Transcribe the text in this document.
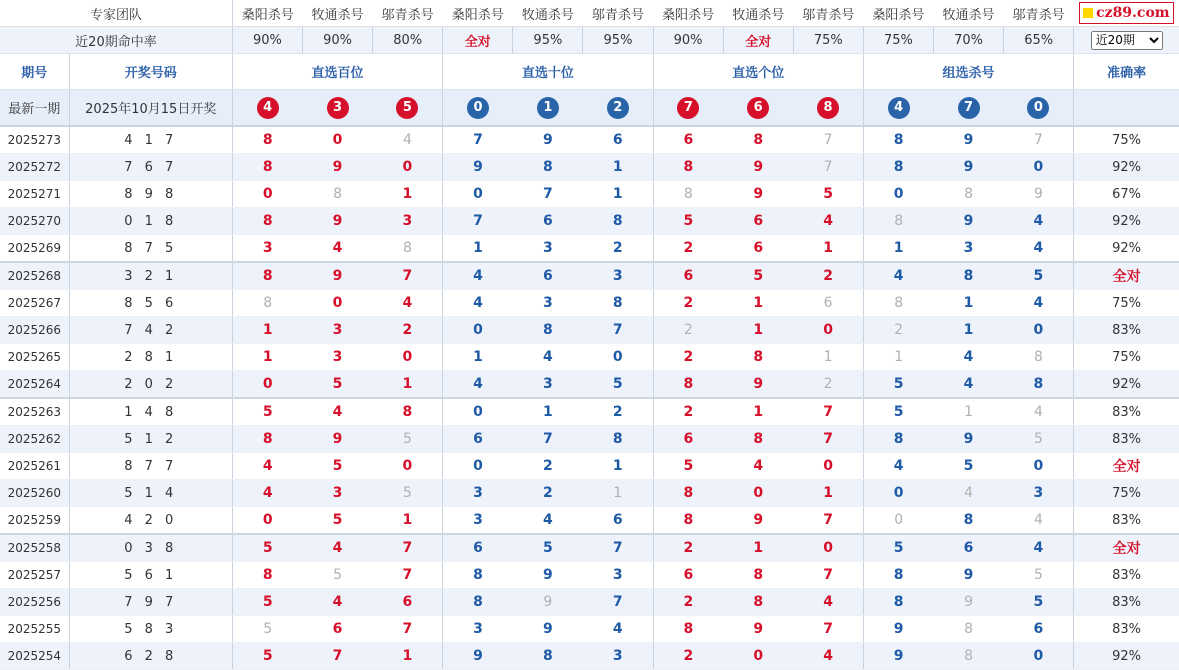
专家团队		桑阳杀号	牧通杀号	邬青杀号	桑阳杀号	牧通杀号	邬青杀号	桑阳杀号	牧通杀号	邬青杀号	桑阳杀号	牧通杀号	邬青杀号	cz89.com

近20期命中率		90%	90%	80%	全对	95%	95%	90%	全对	75%	75%	70%	65%	
近20期
期号	开奖号码	直选百位			直选十位			直选个位			组选杀号			准确率
最新一期	2025年10月15日开奖	4	3	5	0	1	2	7	6	8	4	7	0	
2025273	4 1 7	8	0	4	7	9	6	6	8	7	8	9	7	75%
2025272	7 6 7	8	9	0	9	8	1	8	9	7	8	9	0	92%
2025271	8 9 8	0	8	1	0	7	1	8	9	5	0	8	9	67%
2025270	0 1 8	8	9	3	7	6	8	5	6	4	8	9	4	92%
2025269	8 7 5	3	4	8	1	3	2	2	6	1	1	3	4	92%
2025268	3 2 1	8	9	7	4	6	3	6	5	2	4	8	5	全对
2025267	8 5 6	8	0	4	4	3	8	2	1	6	8	1	4	75%
2025266	7 4 2	1	3	2	0	8	7	2	1	0	2	1	0	83%
2025265	2 8 1	1	3	0	1	4	0	2	8	1	1	4	8	75%
2025264	2 0 2	0	5	1	4	3	5	8	9	2	5	4	8	92%
2025263	1 4 8	5	4	8	0	1	2	2	1	7	5	1	4	83%
2025262	5 1 2	8	9	5	6	7	8	6	8	7	8	9	5	83%
2025261	8 7 7	4	5	0	0	2	1	5	4	0	4	5	0	全对
2025260	5 1 4	4	3	5	3	2	1	8	0	1	0	4	3	75%
2025259	4 2 0	0	5	1	3	4	6	8	9	7	0	8	4	83%
2025258	0 3 8	5	4	7	6	5	7	2	1	0	5	6	4	全对
2025257	5 6 1	8	5	7	8	9	3	6	8	7	8	9	5	83%
2025256	7 9 7	5	4	6	8	9	7	2	8	4	8	9	5	83%
2025255	5 8 3	5	6	7	3	9	4	8	9	7	9	8	6	83%
2025254	6 2 8	5	7	1	9	8	3	2	0	4	9	8	0	92%
